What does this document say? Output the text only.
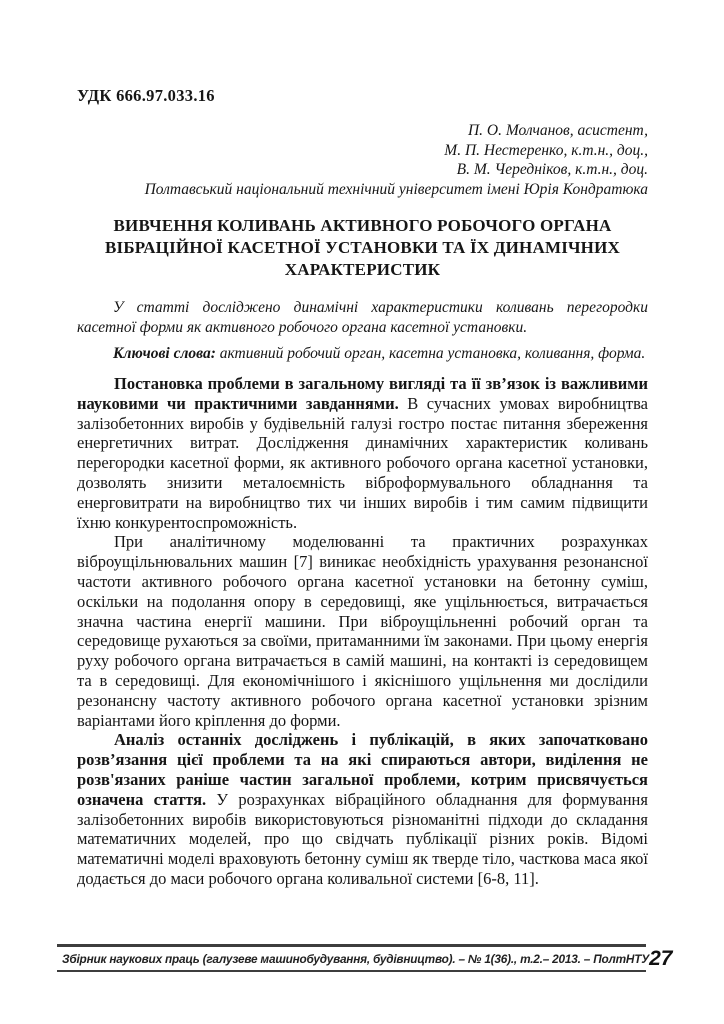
УДК 666.97.033.16
П. О. Молчанов, асистент,
М. П. Нестеренко, к.т.н., доц.,
В. М. Чередніков, к.т.н., доц.
Полтавський національний технічний університет імені Юрія Кондратюка
ВИВЧЕННЯ КОЛИВАНЬ АКТИВНОГО РОБОЧОГО ОРГАНА
ВІБРАЦІЙНОЇ КАСЕТНОЇ УСТАНОВКИ ТА ЇХ ДИНАМІЧНИХ
ХАРАКТЕРИСТИК

У статті досліджено динамічні характеристики коливань перегородки касетної форми як активного робочого органа касетної установки.

Ключові слова: активний робочий орган, касетна установка, коливання, форма.

Постановка проблеми в загальному вигляді та її зв’язок із важливими науковими чи практичними завданнями. В сучасних умовах виробництва залізобетонних виробів у будівельній галузі гостро постає питання збереження енергетичних витрат. Дослідження динамічних характеристик коливань перегородки касетної форми, як активного робочого органа касетної установки, дозволять знизити металоємність віброформувального обладнання та енерговитрати на виробництво тих чи інших виробів і тим самим підвищити їхню конкурентоспроможність.

При аналітичному моделюванні та практичних розрахунках віброущільнювальних машин [7] виникає необхідність урахування резонансної частоти активного робочого органа касетної установки на бетонну суміш, оскільки на подолання опору в середовищі, яке ущільнюється, витрачається значна частина енергії машини. При віброущільненні робочий орган та середовище рухаються за своїми, притаманними їм законами. При цьому енергія руху робочого органа витрачається в самій машині, на контакті із середовищем та в середовищі. Для економічнішого і якіснішого ущільнення ми дослідили резонансну частоту активного робочого органа касетної установки зрізним варіантами його кріплення до форми.

Аналіз останніх досліджень і публікацій, в яких започатковано розв’язання цієї проблеми та на які спираються автори, виділення не розв'язаних раніше частин загальної проблеми, котрим присвячується означена стаття. У розрахунках вібраційного обладнання для формування залізобетонних виробів використовуються різноманітні підходи до складання математичних моделей, про що свідчать публікації різних років. Відомі математичні моделі враховують бетонну суміш як тверде тіло, часткова маса якої додається до маси робочого органа коливальної системи [6-8, 11].

Збірник наукових праць (галузеве машинобудування, будівництво). – № 1(36)., т.2.– 2013. – ПолтНТУ 27
